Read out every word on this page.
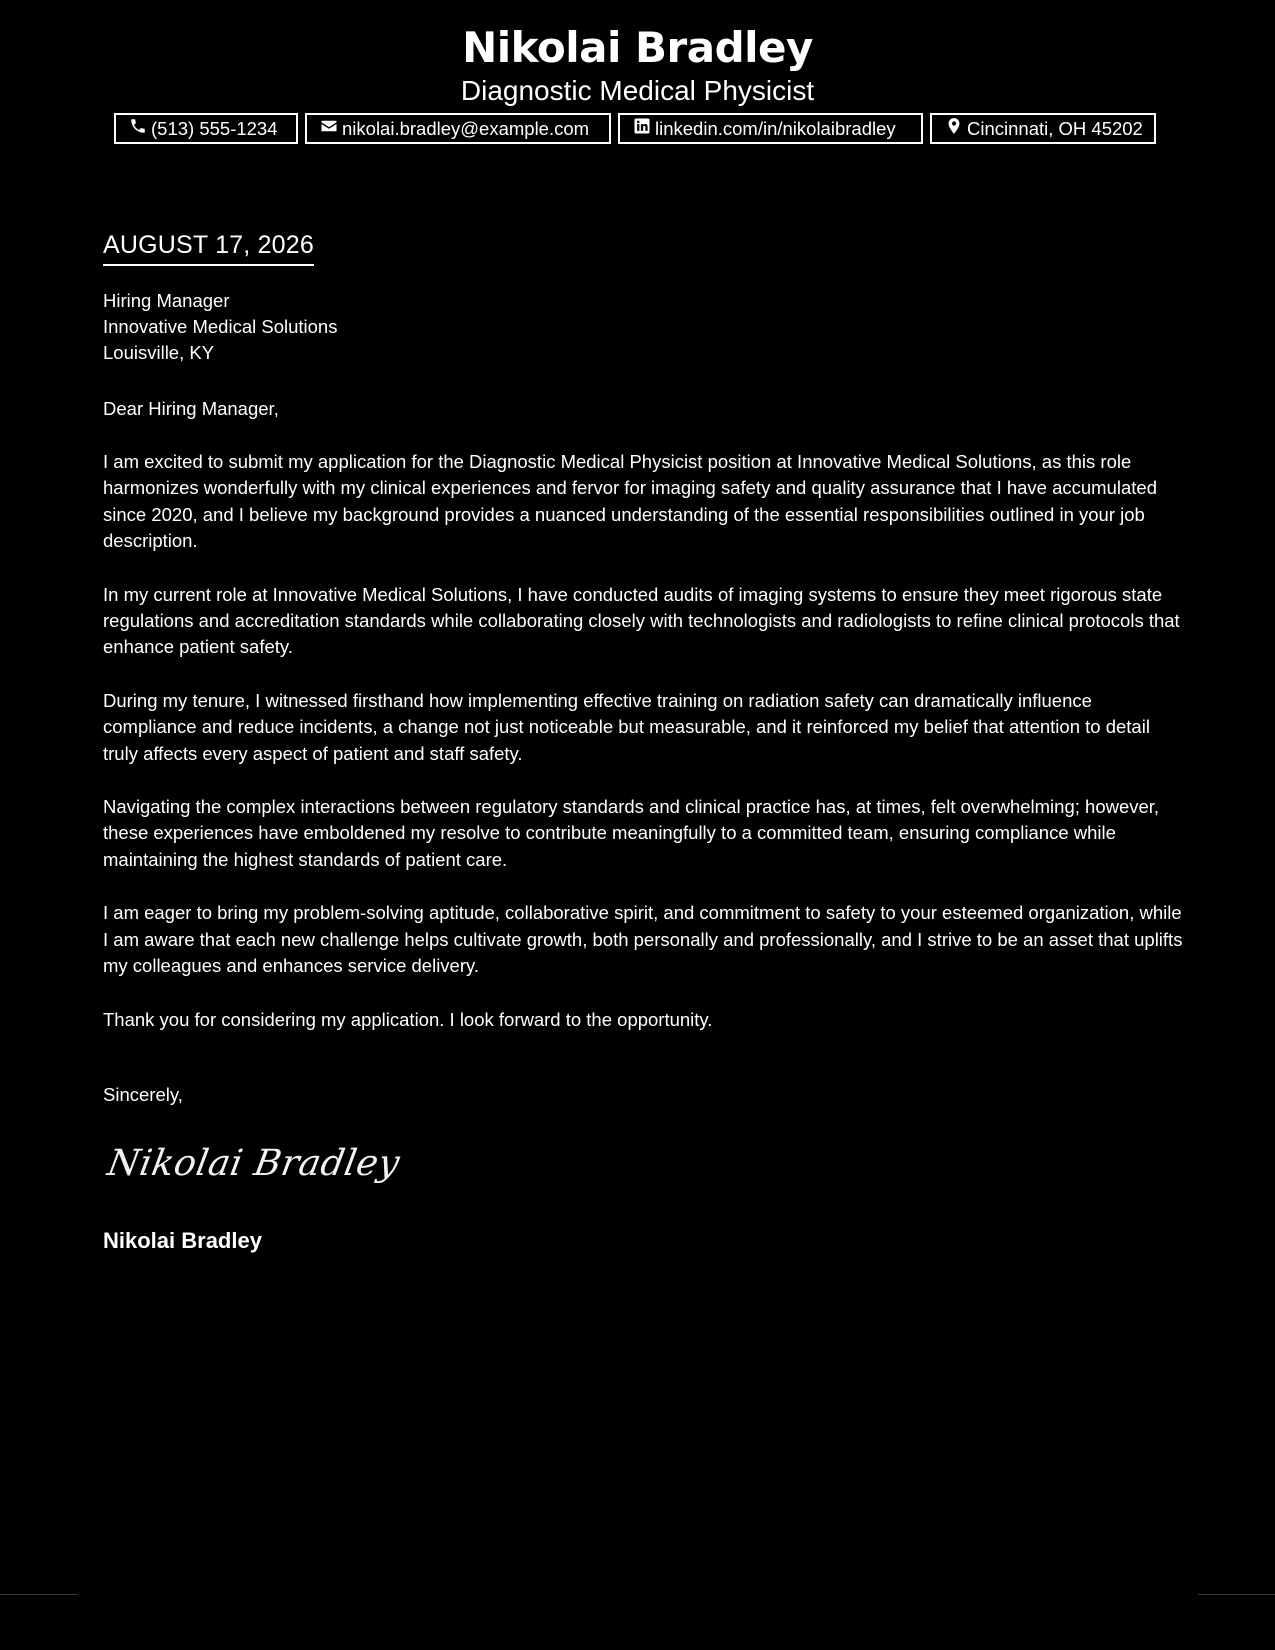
Nikolai Bradley
Diagnostic Medical Physicist
(513) 555-1234	nikolai.bradley@example.com	linkedin.com/in/nikolaibradley	Cincinnati, OH 45202
AUGUST 17, 2026
Hiring Manager
Innovative Medical Solutions
Louisville, KY
Dear Hiring Manager,

I am excited to submit my application for the Diagnostic Medical Physicist position at Innovative Medical Solutions, as this role harmonizes wonderfully with my clinical experiences and fervor for imaging safety and quality assurance that I have accumulated since 2020, and I believe my background provides a nuanced understanding of the essential responsibilities outlined in your job description.

In my current role at Innovative Medical Solutions, I have conducted audits of imaging systems to ensure they meet rigorous state regulations and accreditation standards while collaborating closely with technologists and radiologists to refine clinical protocols that enhance patient safety.

During my tenure, I witnessed firsthand how implementing effective training on radiation safety can dramatically influence compliance and reduce incidents, a change not just noticeable but measurable, and it reinforced my belief that attention to detail truly affects every aspect of patient and staff safety.

Navigating the complex interactions between regulatory standards and clinical practice has, at times, felt overwhelming; however, these experiences have emboldened my resolve to contribute meaningfully to a committed team, ensuring compliance while maintaining the highest standards of patient care.

I am eager to bring my problem-solving aptitude, collaborative spirit, and commitment to safety to your esteemed organization, while I am aware that each new challenge helps cultivate growth, both personally and professionally, and I strive to be an asset that uplifts my colleagues and enhances service delivery.

Thank you for considering my application. I look forward to the opportunity.

Sincerely,
Nikolai Bradley
Nikolai Bradley
